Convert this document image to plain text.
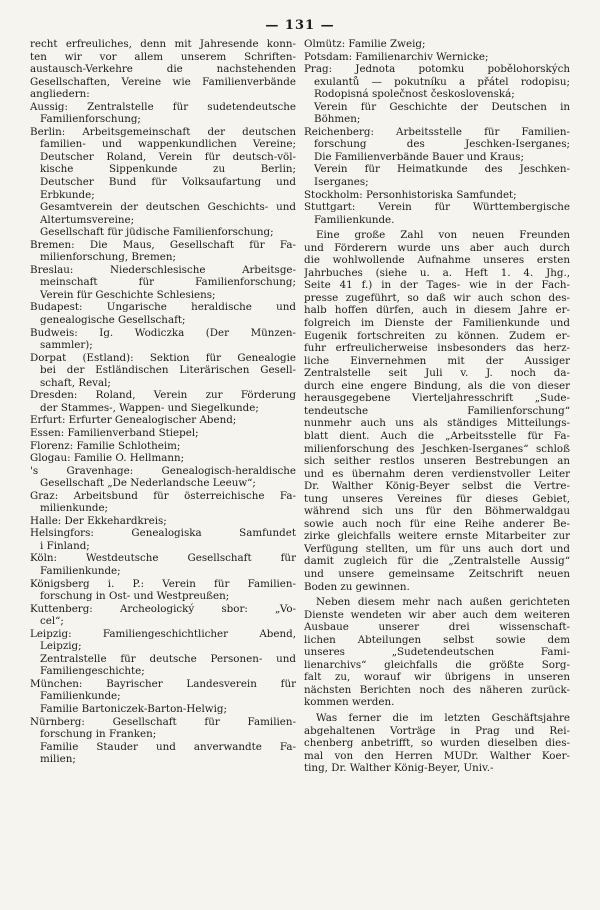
— 131 —
recht erfreuliches, denn mit Jahresende konn-
ten wir vor allem unserem Schriften-
austausch-Verkehre die nachstehenden
Gesellschaften, Vereine wie Familienverbände
angliedern:
Aussig: Zentralstelle für sudetendeutsche
Familienforschung;
Berlin: Arbeitsgemeinschaft der deutschen
familien- und wappenkundlichen Vereine;
Deutscher Roland, Verein für deutsch-völ-
kische Sippenkunde zu Berlin;
Deutscher Bund für Volksaufartung und
Erbkunde;
Gesamtverein der deutschen Geschichts- und
Altertumsvereine;
Gesellschaft für jüdische Familienforschung;
Bremen: Die Maus, Gesellschaft für Fa-
milienforschung, Bremen;
Breslau: Niederschlesische Arbeitsge-
meinschaft für Familienforschung;
Verein für Geschichte Schlesiens;
Budapest: Ungarische heraldische und
genealogische Gesellschaft;
Budweis: Ig. Wodiczka (Der Münzen-
sammler);
Dorpat (Estland): Sektion für Genealogie
bei der Estländischen Literärischen Gesell-
schaft, Reval;
Dresden: Roland, Verein zur Förderung
der Stammes-, Wappen- und Siegelkunde;
Erfurt: Erfurter Genealogischer Abend;
Essen: Familienverband Stiepel;
Florenz: Familie Schlotheim;
Glogau: Familie O. Hellmann;
's Gravenhage: Genealogisch-heraldische
Gesellschaft „De Nederlandsche Leeuw“;
Graz: Arbeitsbund für österreichische Fa-
milienkunde;
Halle: Der Ekkehardkreis;
Helsingfors: Genealogiska Samfundet
i Finland;
Köln: Westdeutsche Gesellschaft für
Familienkunde;
Königsberg i. P.: Verein für Familien-
forschung in Ost- und Westpreußen;
Kuttenberg: Archeologický sbor: „Vo-
cel“;
Leipzig: Familiengeschichtlicher Abend,
Leipzig;
Zentralstelle für deutsche Personen- und
Familiengeschichte;
München: Bayrischer Landesverein für
Familienkunde;
Familie Bartoniczek-Barton-Helwig;
Nürnberg: Gesellschaft für Familien-
forschung in Franken;
Familie Stauder und anverwandte Fa-
milien;
Olmütz: Familie Zweig;
Potsdam: Familienarchiv Wernicke;
Prag: Jednota potomku pobělohorských
exulantů — pokutníku a přátel rodopisu;
Rodopisná společnost československá;
Verein für Geschichte der Deutschen in
Böhmen;
Reichenberg: Arbeitsstelle für Familien-
forschung des Jeschken-Iserganes;
Die Familienverbände Bauer und Kraus;
Verein für Heimatkunde des Jeschken-
Iserganes;
Stockholm: Personhistoriska Samfundet;
Stuttgart: Verein für Württembergische
Familienkunde.
Eine große Zahl von neuen Freunden
und Förderern wurde uns aber auch durch
die wohlwollende Aufnahme unseres ersten
Jahrbuches (siehe u. a. Heft 1. 4. Jhg.,
Seite 41 f.) in der Tages- wie in der Fach-
presse zugeführt, so daß wir auch schon des-
halb hoffen dürfen, auch in diesem Jahre er-
folgreich im Dienste der Familienkunde und
Eugenik fortschreiten zu können. Zudem er-
fuhr erfreulicherweise insbesonders das herz-
liche Einvernehmen mit der Aussiger
Zentralstelle seit Juli v. J. noch da-
durch eine engere Bindung, als die von dieser
herausgegebene Vierteljahresschrift „Sude-
tendeutsche Familienforschung“
nunmehr auch uns als ständiges Mitteilungs-
blatt dient. Auch die „Arbeitsstelle für Fa-
milienforschung des Jeschken-Iserganes“ schloß
sich seither restlos unseren Bestrebungen an
und es übernahm deren verdienstvoller Leiter
Dr. Walther König-Beyer selbst die Vertre-
tung unseres Vereines für dieses Gebiet,
während sich uns für den Böhmerwaldgau
sowie auch noch für eine Reihe anderer Be-
zirke gleichfalls weitere ernste Mitarbeiter zur
Verfügung stellten, um für uns auch dort und
damit zugleich für die „Zentralstelle Aussig“
und unsere gemeinsame Zeitschrift neuen
Boden zu gewinnen.
Neben diesem mehr nach außen gerichteten
Dienste wendeten wir aber auch dem weiteren
Ausbaue unserer drei wissenschaft-
lichen Abteilungen selbst sowie dem
unseres „Sudetendeutschen Fami-
lienarchivs“ gleichfalls die größte Sorg-
falt zu, worauf wir übrigens in unseren
nächsten Berichten noch des näheren zurück-
kommen werden.
Was ferner die im letzten Geschäftsjahre
abgehaltenen Vorträge in Prag und Rei-
chenberg anbetrifft, so wurden dieselben dies-
mal von den Herren MUDr. Walther Koer-
ting, Dr. Walther König-Beyer, Univ.-
